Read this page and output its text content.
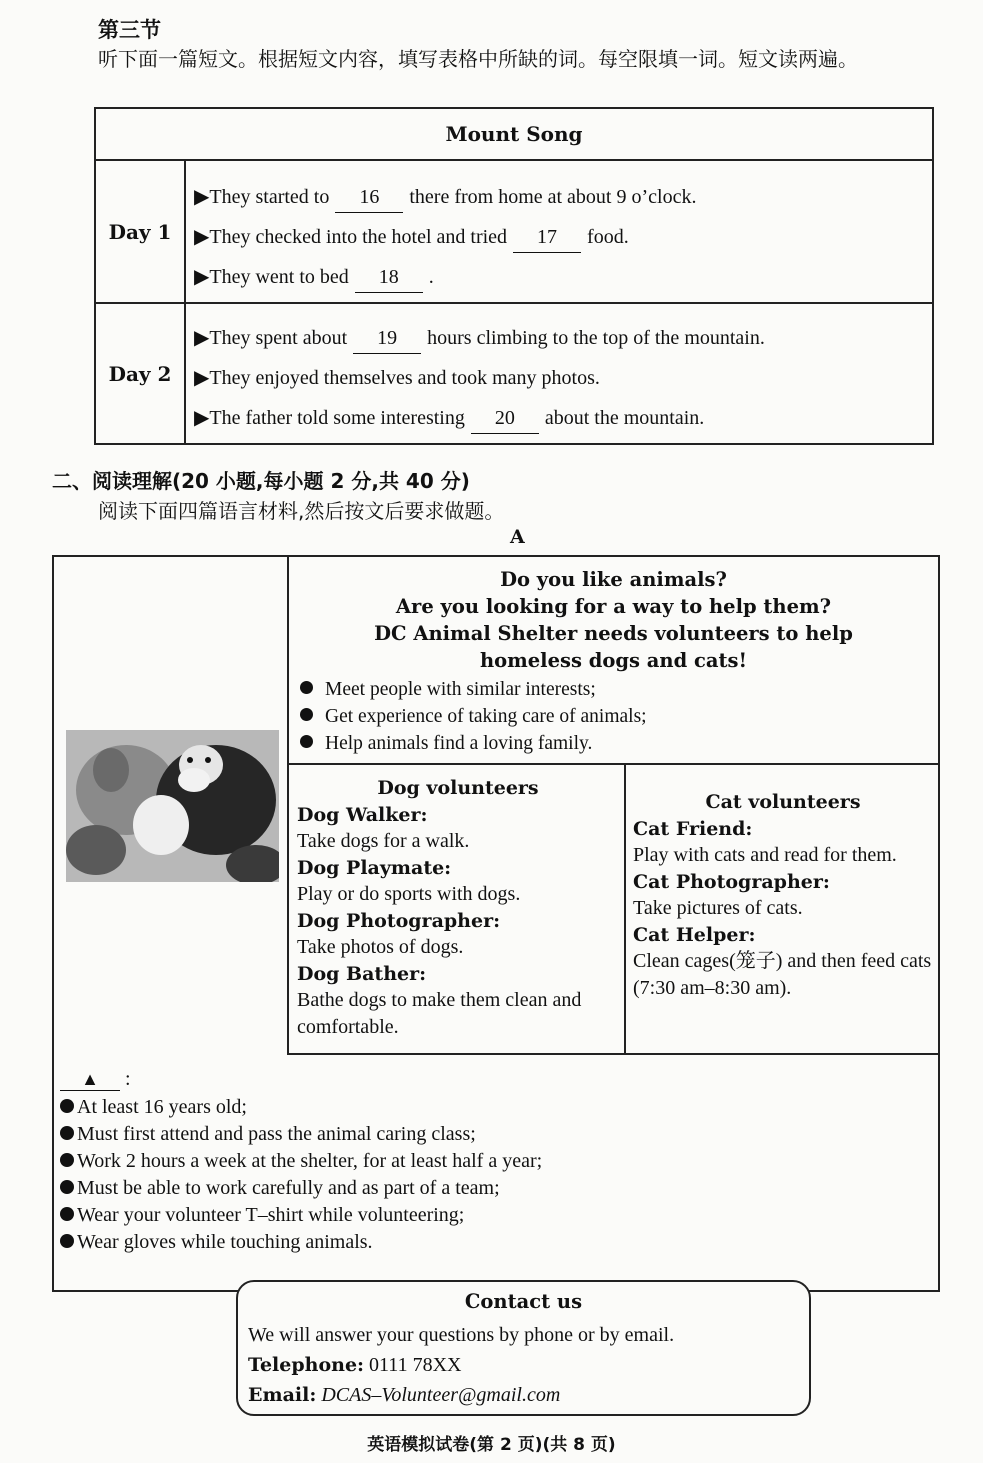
第三节
听下面一篇短文。根据短文内容，填写表格中所缺的词。每空限填一词。短文读两遍。
Mount Song
Day 1
▶They started to 16 there from home at about 9 o’clock.
▶They checked into the hotel and tried 17 food.
▶They went to bed 18 .
Day 2
▶They spent about 19 hours climbing to the top of the mountain.
▶They enjoyed themselves and took many photos.
▶The father told some interesting 20 about the mountain.
二、阅读理解(20 小题,每小题 2 分,共 40 分)
阅读下面四篇语言材料,然后按文后要求做题。
A
Do you like animals?
Are you looking for a way to help them?
DC Animal Shelter needs volunteers to help
homeless dogs and cats!
Meet people with similar interests;
Get experience of taking care of animals;
Help animals find a loving family.
Dog volunteers
Dog Walker:
Take dogs for a walk.
Dog Playmate:
Play or do sports with dogs.
Dog Photographer:
Take photos of dogs.
Dog Bather:
Bathe dogs to make them clean and comfortable.
Cat volunteers
Cat Friend:
Play with cats and read for them.
Cat Photographer:
Take pictures of cats.
Cat Helper:
Clean cages(笼子) and then feed cats (7:30 am–8:30 am).
▲ :
At least 16 years old;
Must first attend and pass the animal caring class;
Work 2 hours a week at the shelter, for at least half a year;
Must be able to work carefully and as part of a team;
Wear your volunteer T–shirt while volunteering;
Wear gloves while touching animals.
Contact us
We will answer your questions by phone or by email.
Telephone: 0111 78XX
Email: DCAS–Volunteer@gmail.com
英语模拟试卷(第 2 页)(共 8 页)
